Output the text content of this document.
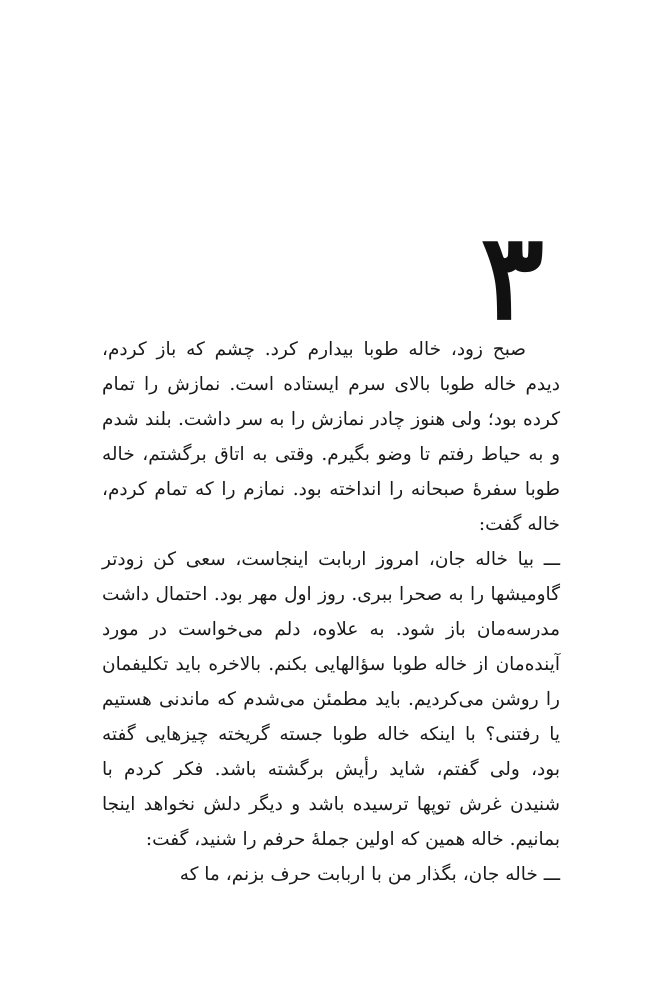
۳

صبح زود، خاله طوبا بیدارم کرد. چشم که باز کردم، دیدم خاله طوبا بالای سرم ایستاده است. نمازش را تمام کرده بود؛ ولی هنوز چادر نمازش را به سر داشت. بلند شدم و به حیاط رفتم تا وضو بگیرم. وقتی به اتاق برگشتم، خاله طوبا سفرهٔ صبحانه را انداخته بود. نمازم را که تمام کردم، خاله گفت:

ـــ بیا خاله جان، امروز اربابت اینجاست، سعی کن زودتر گاومیشها را به صحرا ببری. روز اول مهر بود. احتمال داشت مدرسه‌مان باز شود. به علاوه، دلم می‌خواست در مورد آینده‌مان از خاله طوبا سؤالهایی بکنم. بالاخره باید تکلیفمان را روشن می‌کردیم. باید مطمئن می‌شدم که ماندنی هستیم یا رفتنی؟ با اینکه خاله طوبا جسته گریخته چیزهایی گفته بود، ولی گفتم، شاید رأیش برگشته باشد. فکر کردم با شنیدن غرش توپها ترسیده باشد و دیگر دلش نخواهد اینجا بمانیم. خاله همین که اولین جملهٔ حرفم را شنید، گفت:

ـــ خاله جان، بگذار من با اربابت حرف بزنم، ما که
